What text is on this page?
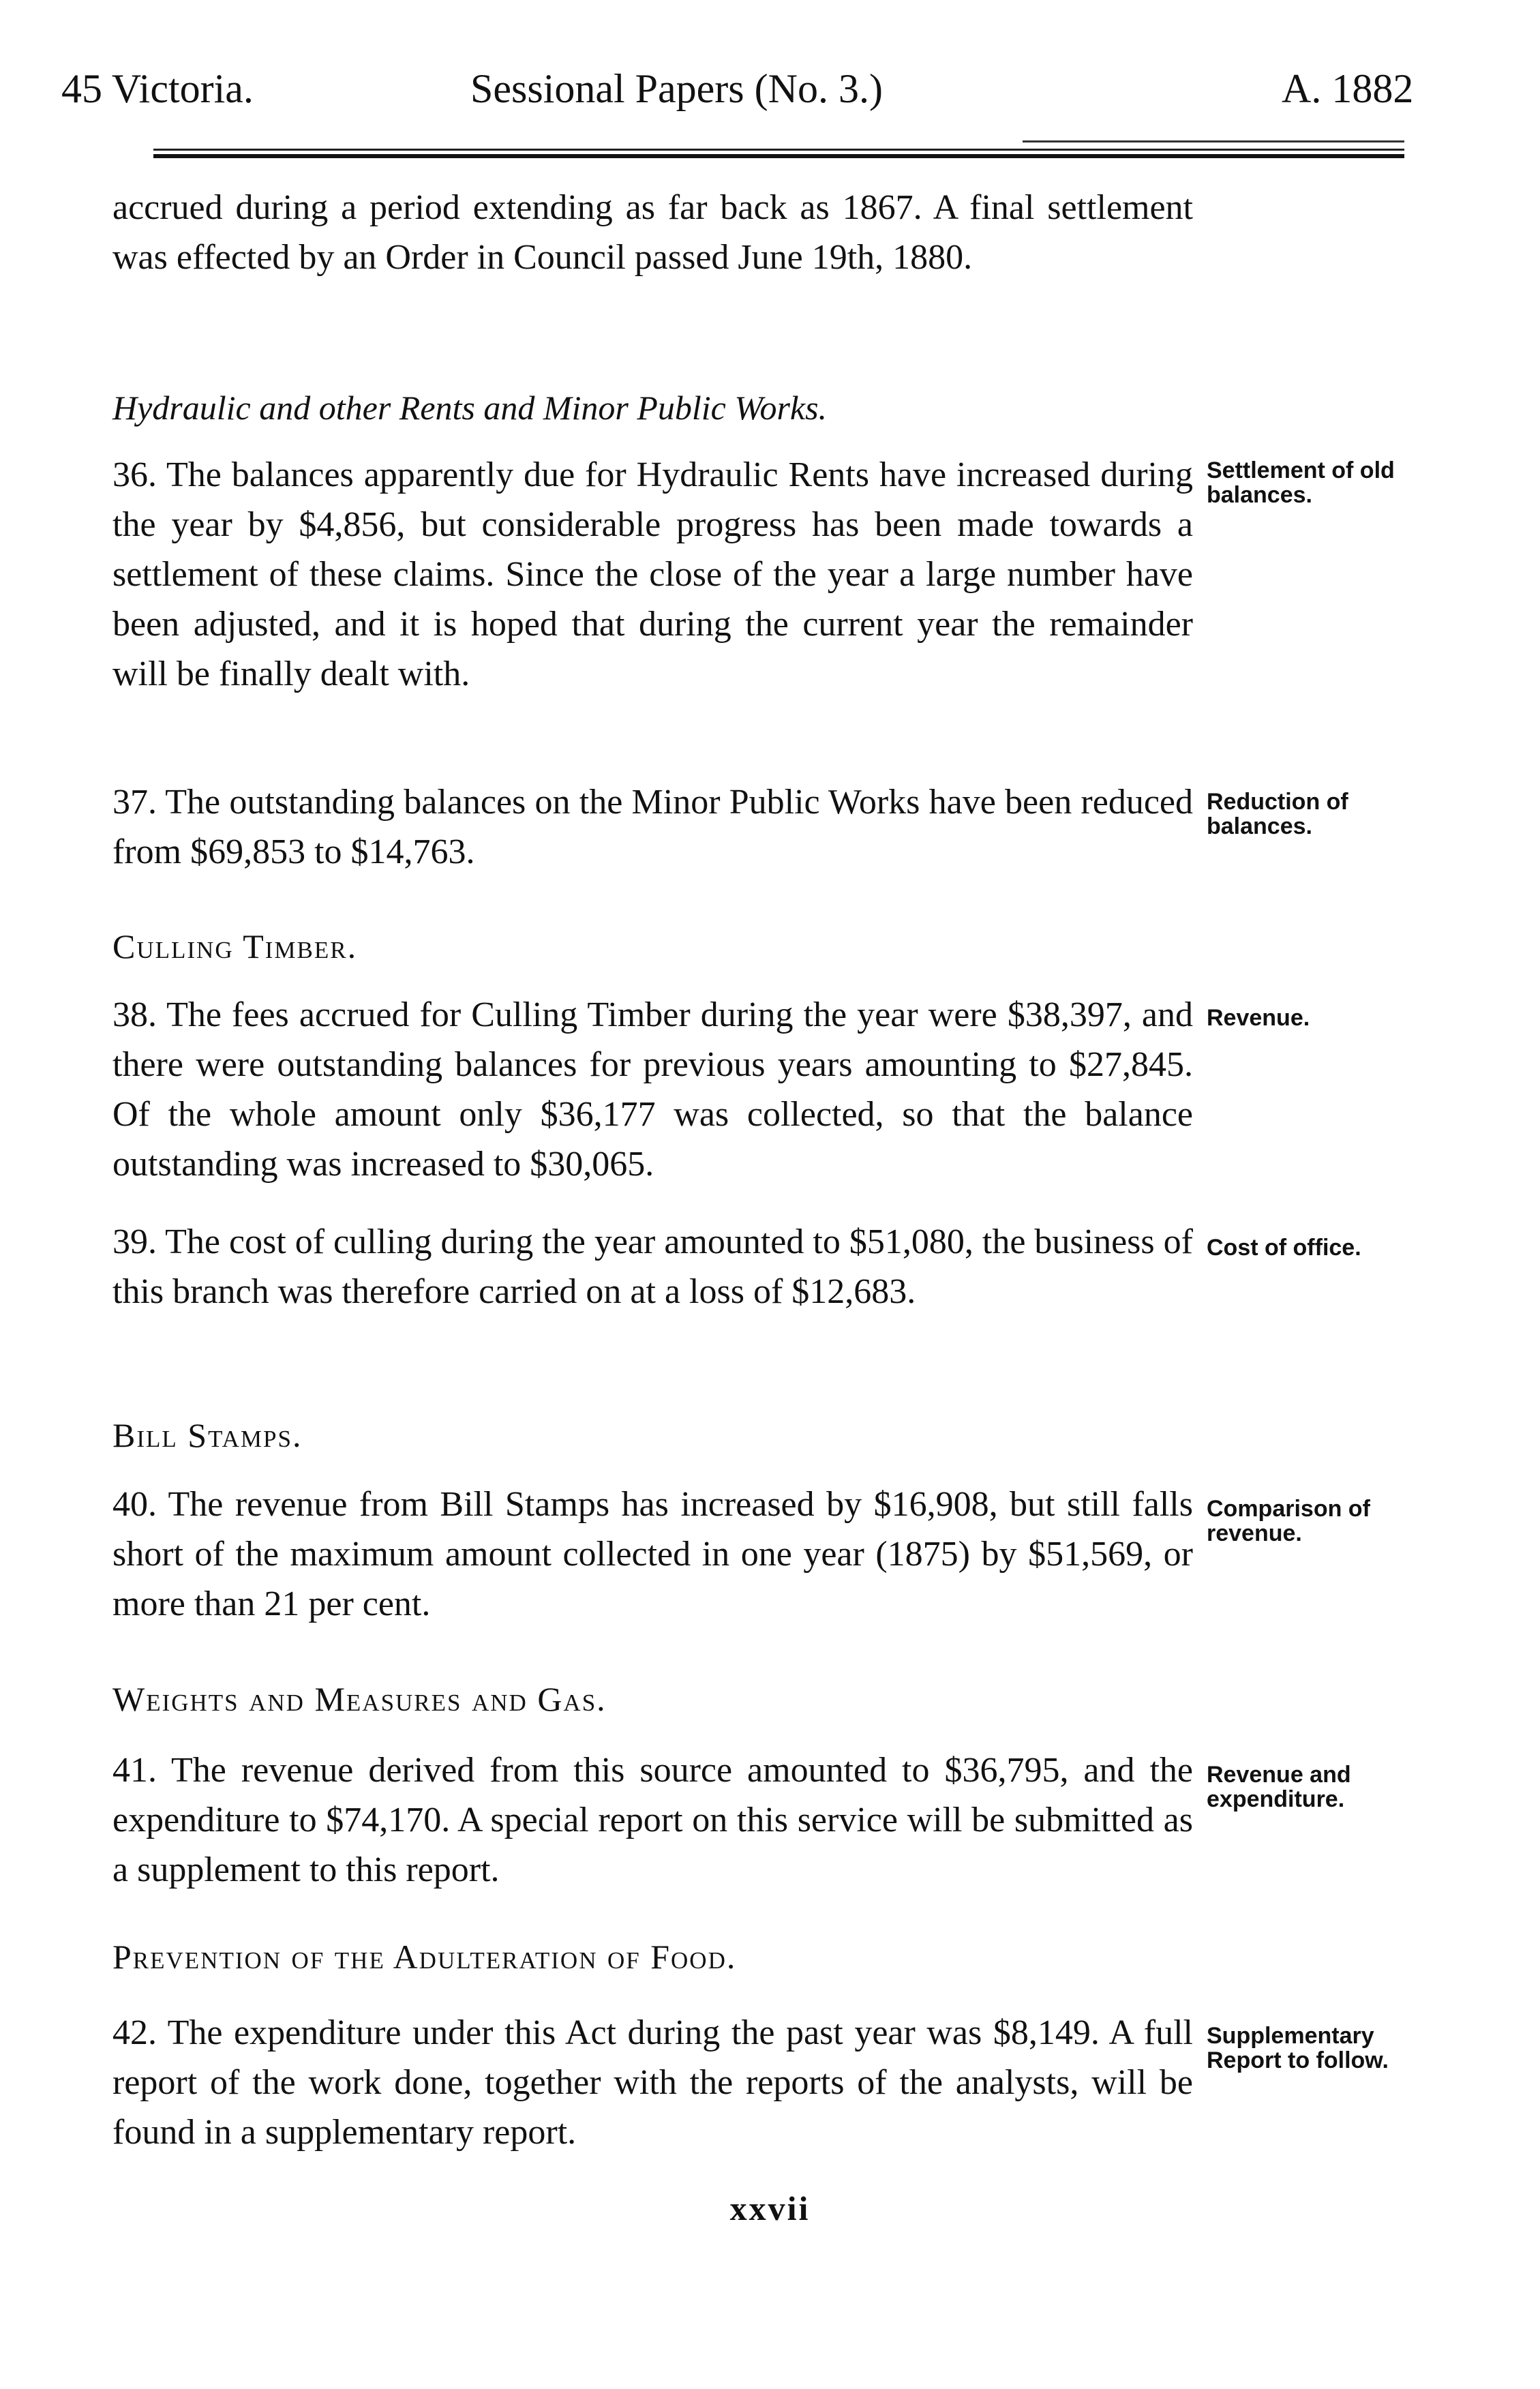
45 Victoria.	Sessional Papers (No. 3.)	A. 1882
accrued during a period extending as far back as 1867. A final settlement was effected by an Order in Council passed June 19th, 1880.
Hydraulic and other Rents and Minor Public Works.
36. The balances apparently due for Hydraulic Rents have increased during the year by $4,856, but considerable progress has been made towards a settlement of these claims. Since the close of the year a large number have been adjusted, and it is hoped that during the current year the remainder will be finally dealt with.
Settlement of old balances.
37. The outstanding balances on the Minor Public Works have been reduced from $69,853 to $14,763.
Reduction of balances.
Culling Timber.
38. The fees accrued for Culling Timber during the year were $38,397, and there were outstanding balances for previous years amounting to $27,845. Of the whole amount only $36,177 was collected, so that the balance outstanding was increased to $30,065.
Revenue.
39. The cost of culling during the year amounted to $51,080, the business of this branch was therefore carried on at a loss of $12,683.
Cost of office.
Bill Stamps.
40. The revenue from Bill Stamps has increased by $16,908, but still falls short of the maximum amount collected in one year (1875) by $51,569, or more than 21 per cent.
Comparison of revenue.
Weights and Measures and Gas.
41. The revenue derived from this source amounted to $36,795, and the expenditure to $74,170. A special report on this service will be submitted as a supplement to this report.
Revenue and expenditure.
Prevention of the Adulteration of Food.
42. The expenditure under this Act during the past year was $8,149. A full report of the work done, together with the reports of the analysts, will be found in a supplementary report.
Supplementary Report to follow.
xxvii
